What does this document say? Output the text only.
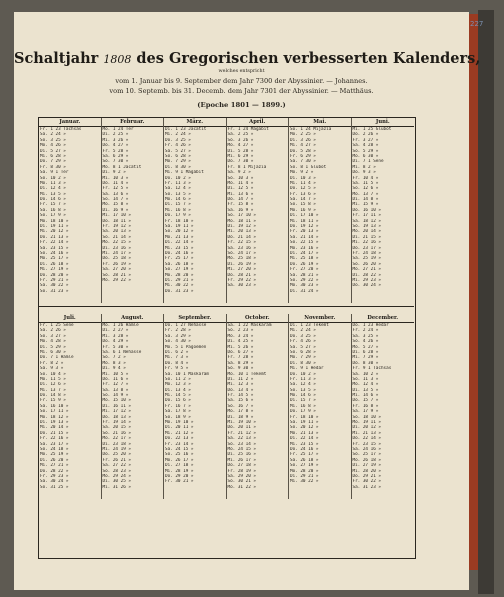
227
Schaltjahr 1808 des Gregorischen verbesserten Kalenders,
welches entspricht
vom 1. Januar bis 9. September dem Jahr 7300 der Abyssinier. — Johannes.
vom 10. Septemb. bis 31. Decemb. dem Jahr 7301 der Abyssinier. — Matthäus.
(Epoche 1801 — 1899.)
Januar.
Fr. 1 23 Tachsas
Sa. 2 24 »
So. 3 25 »
Mo. 4 26 »
Di. 5 27 »
Mi. 6 28 »
Do. 7 29 »
Fr. 8 30 »
Sa. 9 1 Ter
So. 10 2 »
Mo. 11 3 »
Di. 12 4 »
Mi. 13 5 »
Do. 14 6 »
Fr. 15 7 »
Sa. 16 8 »
So. 17 9 »
Mo. 18 10 »
Di. 19 11 »
Mi. 20 12 »
Do. 21 13 »
Fr. 22 14 »
Sa. 23 15 »
So. 24 16 »
Mo. 25 17 »
Di. 26 18 »
Mi. 27 19 »
Do. 28 20 »
Fr. 29 21 »
Sa. 30 22 »
So. 31 23 »
Februar.
Mo. 1 24 Ter
Di. 2 25 »
Mi. 3 26 »
Do. 4 27 »
Fr. 5 28 »
Sa. 6 29 »
So. 7 30 »
Mo. 8 1 Jacatit
Di. 9 2 »
Mi. 10 3 »
Do. 11 4 »
Fr. 12 5 »
Sa. 13 6 »
So. 14 7 »
Mo. 15 8 »
Di. 16 9 »
Mi. 17 10 »
Do. 18 11 »
Fr. 19 12 »
Sa. 20 13 »
So. 21 14 »
Mo. 22 15 »
Di. 23 16 »
Mi. 24 17 »
Do. 25 18 »
Fr. 26 19 »
Sa. 27 20 »
So. 28 21 »
Mo. 29 22 »
März.
Di. 1 23 Jacatit
Mi. 2 24 »
Do. 3 25 »
Fr. 4 26 »
Sa. 5 27 »
So. 6 28 »
Mo. 7 29 »
Di. 8 30 »
Mi. 9 1 Magabit
Do. 10 2 »
Fr. 11 3 »
Sa. 12 4 »
So. 13 5 »
Mo. 14 6 »
Di. 15 7 »
Mi. 16 8 »
Do. 17 9 »
Fr. 18 10 »
Sa. 19 11 »
So. 20 12 »
Mo. 21 13 »
Di. 22 14 »
Mi. 23 15 »
Do. 24 16 »
Fr. 25 17 »
Sa. 26 18 »
So. 27 19 »
Mo. 28 20 »
Di. 29 21 »
Mi. 30 22 »
Do. 31 23 »
April.
Fr. 1 24 Magabit
Sa. 2 25 »
So. 3 26 »
Mo. 4 27 »
Di. 5 28 »
Mi. 6 29 »
Do. 7 30 »
Fr. 8 1 Mijazia
Sa. 9 2 »
So. 10 3 »
Mo. 11 4 »
Di. 12 5 »
Mi. 13 6 »
Do. 14 7 »
Fr. 15 8 »
Sa. 16 9 »
So. 17 10 »
Mo. 18 11 »
Di. 19 12 »
Mi. 20 13 »
Do. 21 14 »
Fr. 22 15 »
Sa. 23 16 »
So. 24 17 »
Mo. 25 18 »
Di. 26 19 »
Mi. 27 20 »
Do. 28 21 »
Fr. 29 22 »
Sa. 30 23 »
Mai.
So. 1 24 Mijazia
Mo. 2 25 »
Di. 3 26 »
Mi. 4 27 »
Do. 5 28 »
Fr. 6 29 »
Sa. 7 30 »
So. 8 1 Glubot
Mo. 9 2 »
Di. 10 3 »
Mi. 11 4 »
Do. 12 5 »
Fr. 13 6 »
Sa. 14 7 »
So. 15 8 »
Mo. 16 9 »
Di. 17 10 »
Mi. 18 11 »
Do. 19 12 »
Fr. 20 13 »
Sa. 21 14 »
So. 22 15 »
Mo. 23 16 »
Di. 24 17 »
Mi. 25 18 »
Do. 26 19 »
Fr. 27 20 »
Sa. 28 21 »
So. 29 22 »
Mo. 30 23 »
Di. 31 24 »
Juni.
Mi. 1 25 Glubot
Do. 2 26 »
Fr. 3 27 »
Sa. 4 28 »
So. 5 29 »
Mo. 6 30 »
Di. 7 1 Sene
Mi. 8 2 »
Do. 9 3 »
Fr. 10 4 »
Sa. 11 5 »
So. 12 6 »
Mo. 13 7 »
Di. 14 8 »
Mi. 15 9 »
Do. 16 10 »
Fr. 17 11 »
Sa. 18 12 »
So. 19 13 »
Mo. 20 14 »
Di. 21 15 »
Mi. 22 16 »
Do. 23 17 »
Fr. 24 18 »
Sa. 25 19 »
So. 26 20 »
Mo. 27 21 »
Di. 28 22 »
Mi. 29 23 »
Do. 30 24 »
Juli.
Fr. 1 25 Sene
Sa. 2 26 »
So. 3 27 »
Mo. 4 28 »
Di. 5 29 »
Mi. 6 30 »
Do. 7 1 Hamle
Fr. 8 2 »
Sa. 9 3 »
So. 10 4 »
Mo. 11 5 »
Di. 12 6 »
Mi. 13 7 »
Do. 14 8 »
Fr. 15 9 »
Sa. 16 10 »
So. 17 11 »
Mo. 18 12 »
Di. 19 13 »
Mi. 20 14 »
Do. 21 15 »
Fr. 22 16 »
Sa. 23 17 »
So. 24 18 »
Mo. 25 19 »
Di. 26 20 »
Mi. 27 21 »
Do. 28 22 »
Fr. 29 23 »
Sa. 30 24 »
So. 31 25 »
August.
Mo. 1 26 Hamle
Di. 2 27 »
Mi. 3 28 »
Do. 4 29 »
Fr. 5 30 »
Sa. 6 1 Nehasse
So. 7 2 »
Mo. 8 3 »
Di. 9 4 »
Mi. 10 5 »
Do. 11 6 »
Fr. 12 7 »
Sa. 13 8 »
So. 14 9 »
Mo. 15 10 »
Di. 16 11 »
Mi. 17 12 »
Do. 18 13 »
Fr. 19 14 »
Sa. 20 15 »
So. 21 16 »
Mo. 22 17 »
Di. 23 18 »
Mi. 24 19 »
Do. 25 20 »
Fr. 26 21 »
Sa. 27 22 »
So. 28 23 »
Mo. 29 24 »
Di. 30 25 »
Mi. 31 26 »
September.
Do. 1 27 Nehasse
Fr. 2 28 »
Sa. 3 29 »
So. 4 30 »
Mo. 5 1 Pagoemen
Di. 6 2 »
Mi. 7 3 »
Do. 8 4 »
Fr. 9 5 »
Sa. 10 1 Maskaram
So. 11 2 »
Mo. 12 3 »
Di. 13 4 »
Mi. 14 5 »
Do. 15 6 »
Fr. 16 7 »
Sa. 17 8 »
So. 18 9 »
Mo. 19 10 »
Di. 20 11 »
Mi. 21 12 »
Do. 22 13 »
Fr. 23 14 »
Sa. 24 15 »
So. 25 16 »
Mo. 26 17 »
Di. 27 18 »
Mi. 28 19 »
Do. 29 20 »
Fr. 30 21 »
October.
Sa. 1 22 Maskaram
So. 2 23 »
Mo. 3 24 »
Di. 4 25 »
Mi. 5 26 »
Do. 6 27 »
Fr. 7 28 »
Sa. 8 29 »
So. 9 30 »
Mo. 10 1 Tekemt
Di. 11 2 »
Mi. 12 3 »
Do. 13 4 »
Fr. 14 5 »
Sa. 15 6 »
So. 16 7 »
Mo. 17 8 »
Di. 18 9 »
Mi. 19 10 »
Do. 20 11 »
Fr. 21 12 »
Sa. 22 13 »
So. 23 14 »
Mo. 24 15 »
Di. 25 16 »
Mi. 26 17 »
Do. 27 18 »
Fr. 28 19 »
Sa. 29 20 »
So. 30 21 »
Mo. 31 22 »
November.
Di. 1 23 Tekemt
Mi. 2 24 »
Do. 3 25 »
Fr. 4 26 »
Sa. 5 27 »
So. 6 28 »
Mo. 7 29 »
Di. 8 30 »
Mi. 9 1 Hedar
Do. 10 2 »
Fr. 11 3 »
Sa. 12 4 »
So. 13 5 »
Mo. 14 6 »
Di. 15 7 »
Mi. 16 8 »
Do. 17 9 »
Fr. 18 10 »
Sa. 19 11 »
So. 20 12 »
Mo. 21 13 »
Di. 22 14 »
Mi. 23 15 »
Do. 24 16 »
Fr. 25 17 »
Sa. 26 18 »
So. 27 19 »
Mo. 28 20 »
Di. 29 21 »
Mi. 30 22 »
December.
Do. 1 23 Hedar
Fr. 2 24 »
Sa. 3 25 »
So. 4 26 »
Mo. 5 27 »
Di. 6 28 »
Mi. 7 29 »
Do. 8 30 »
Fr. 9 1 Tachsas
Sa. 10 2 »
So. 11 3 »
Mo. 12 4 »
Di. 13 5 »
Mi. 14 6 »
Do. 15 7 »
Fr. 16 8 »
Sa. 17 9 »
So. 18 10 »
Mo. 19 11 »
Di. 20 12 »
Mi. 21 13 »
Do. 22 14 »
Fr. 23 15 »
Sa. 24 16 »
So. 25 17 »
Mo. 26 18 »
Di. 27 19 »
Mi. 28 20 »
Do. 29 21 »
Fr. 30 22 »
Sa. 31 23 »
